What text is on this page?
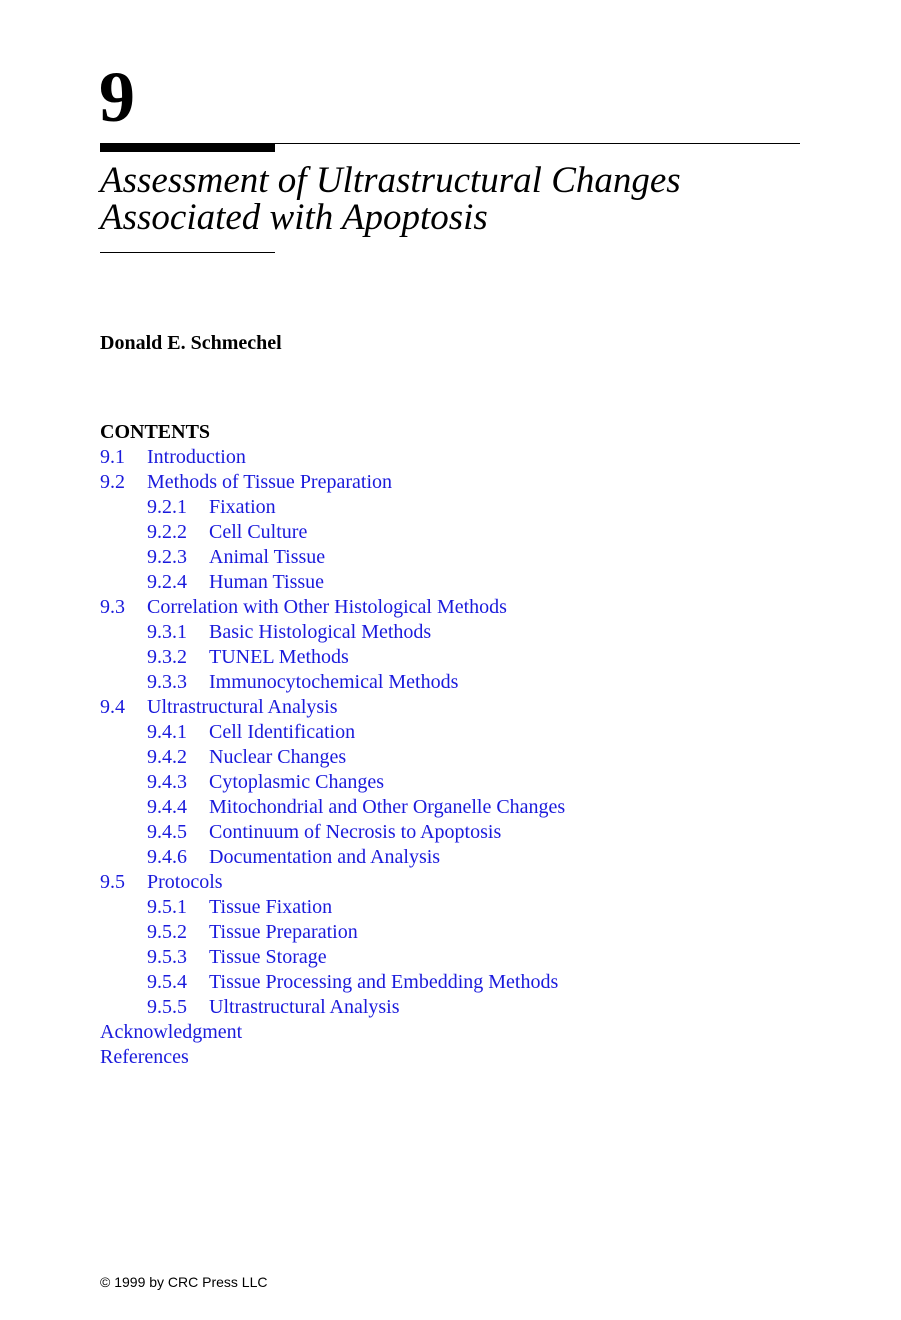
9
Assessment of Ultrastructural Changes
Associated with Apoptosis

Donald E. Schmechel

CONTENTS

9.1 Introduction
9.2 Methods of Tissue Preparation
9.2.1 Fixation
9.2.2 Cell Culture
9.2.3 Animal Tissue
9.2.4 Human Tissue
9.3 Correlation with Other Histological Methods
9.3.1 Basic Histological Methods
9.3.2 TUNEL Methods
9.3.3 Immunocytochemical Methods
9.4 Ultrastructural Analysis
9.4.1 Cell Identification
9.4.2 Nuclear Changes
9.4.3 Cytoplasmic Changes
9.4.4 Mitochondrial and Other Organelle Changes
9.4.5 Continuum of Necrosis to Apoptosis
9.4.6 Documentation and Analysis
9.5 Protocols
9.5.1 Tissue Fixation
9.5.2 Tissue Preparation
9.5.3 Tissue Storage
9.5.4 Tissue Processing and Embedding Methods
9.5.5 Ultrastructural Analysis
Acknowledgment
References

© 1999 by CRC Press LLC
